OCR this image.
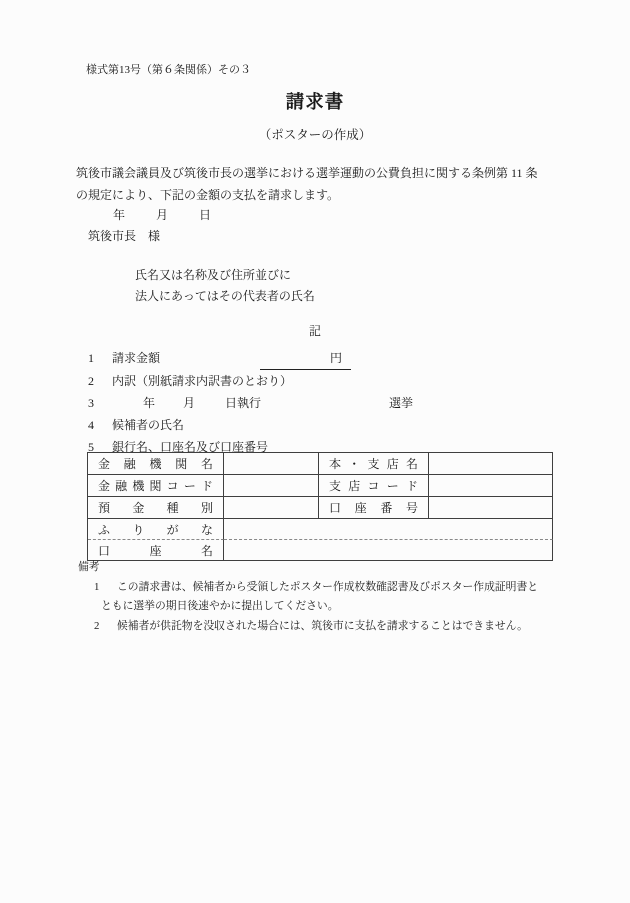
様式第13号（第６条関係）その３
請求書
（ポスターの作成）
　筑後市議会議員及び筑後市長の選挙における選挙運動の公費負担に関する条例第 11 条
の規定により、下記の金額の支払を請求します。
年	月	日
筑後市長　様
氏名又は名称及び住所並びに
法人にあってはその代表者の氏名
記
1 請求金額	円
2 内訳（別紙請求内訳書のとおり）
3	年 月	日執行	選挙
4 候補者の氏名
5 銀行名、口座名及び口座番号
金融機関名		本・支店名	
金融機関コード		支店コード	
預金種別		口座番号	
ふりがな			
口座名			
備考
1 この請求書は、候補者から受領したポスター作成枚数確認書及びポスター作成証明書と
ともに選挙の期日後速やかに提出してください。
2 候補者が供託物を没収された場合には、筑後市に支払を請求することはできません。
